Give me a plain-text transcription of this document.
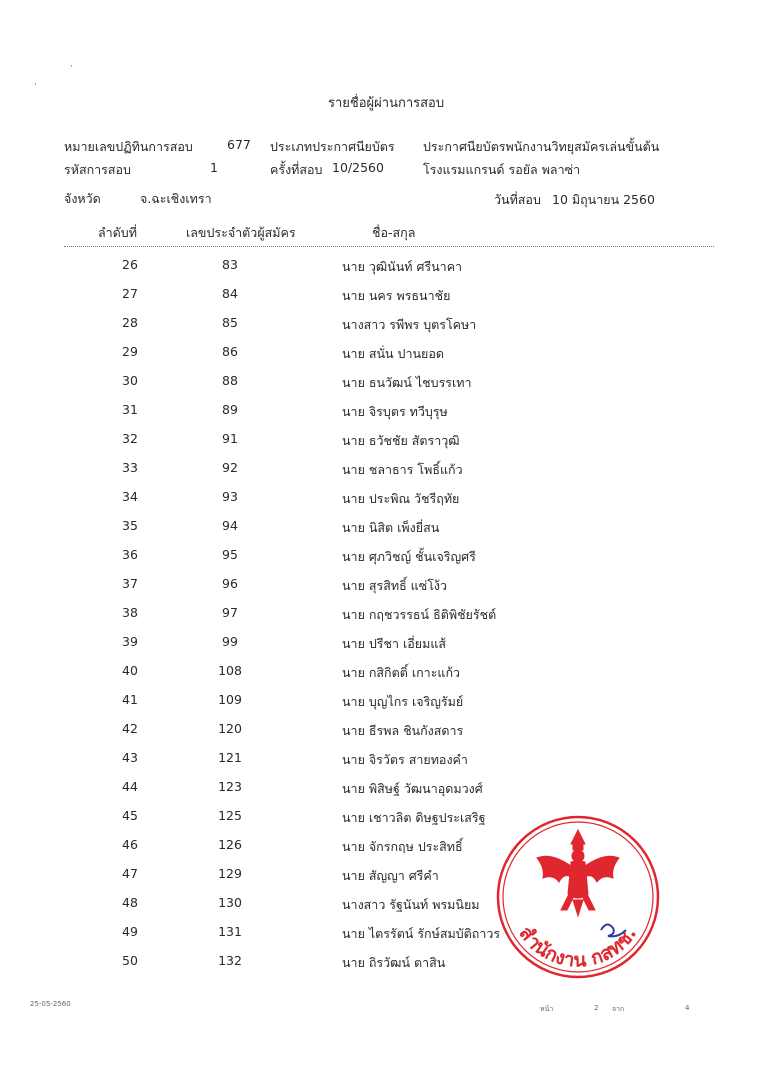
·
·
รายชื่อผู้ผ่านการสอบ
หมายเลขปฏิทินการสอบ	677 ประเภทประกาศนียบัตร ประกาศนียบัตรพนักงานวิทยุสมัครเล่นขั้นต้น
รหัสการสอบ	1	ครั้งที่สอบ 10/2560	โรงแรมแกรนด์ รอยัล พลาซ่า
จังหวัด	จ.ฉะเชิงเทรา	วันที่สอบ 10 มิถุนายน 2560
ลำดับที่	เลขประจำตัวผู้สมัคร	ชื่อ-สกุล
26	83	นาย วุฒินันท์ ศรีนาคา
27	84	นาย นคร พรธนาชัย
28	85	นางสาว รพีพร บุตรโคษา
29	86	นาย สนั่น ปานยอด
30	88	นาย ธนวัฒน์ ไชบรรเทา
31	89	นาย จิรบุตร ทวีบุรุษ
32	91	นาย ธวัชชัย สัตราวุฒิ
33	92	นาย ชลาธาร โพธิ์แก้ว
34	93	นาย ประพิณ วัชรีฤทัย
35	94	นาย นิสิต เพ็งยี่สน
36	95	นาย ศุภวิชญ์ ชั้นเจริญศรี
37	96	นาย สุรสิทธิ์ แซ่โง้ว
38	97	นาย กฤชวรรธน์ ธิติพิชัยรัชต์
39	99	นาย ปรีชา เอี่ยมแส้
40	108	นาย กสิกิตติ์ เกาะแก้ว
41	109	นาย บุญไกร เจริญรัมย์
42	120	นาย ธีรพล ชินกังสดาร
43	121	นาย จิรวัตร สายทองคำ
44	123	นาย พิสิษฐ์ วัฒนาอุดมวงศ์
45	125	นาย เชาวลิต ดิษฐประเสริฐ
46	126	นาย จักรกฤษ ประสิทธิ์
47	129	นาย สัญญา ศรีคำ
48	130	นางสาว รัฐนันท์ พรมนิยม
49	131	นาย ไตรรัตน์ รักษ์สมบัติถาวร
50	132	นาย ถิรวัฒน์ ตาสิน
สำนักงาน กสทช.
25-05-2560
หน้า	2 จาก	4
